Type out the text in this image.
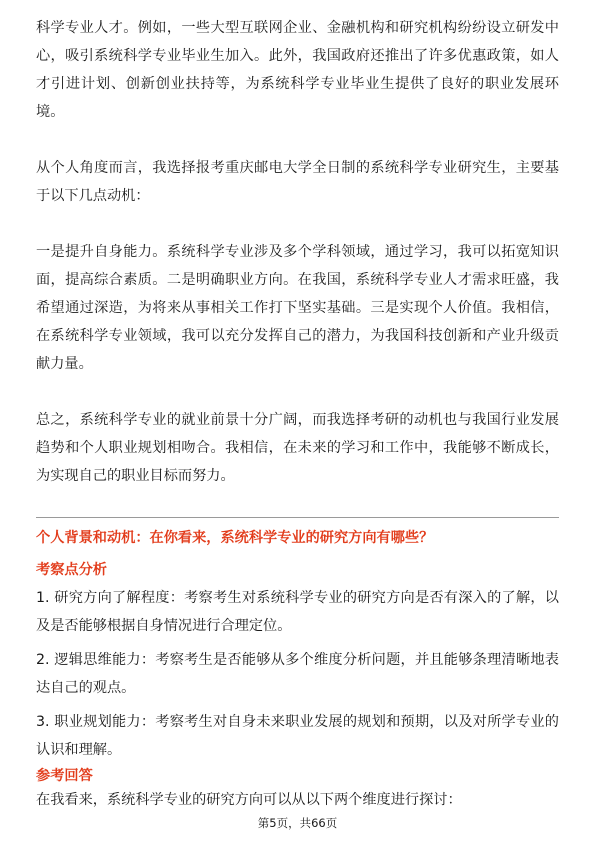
科学专业人才。例如，一些大型互联网企业、金融机构和研究机构纷纷设立研发中心，吸引系统科学专业毕业生加入。此外，我国政府还推出了许多优惠政策，如人才引进计划、创新创业扶持等，为系统科学专业毕业生提供了良好的职业发展环境。

从个人角度而言，我选择报考重庆邮电大学全日制的系统科学专业研究生，主要基于以下几点动机：

一是提升自身能力。系统科学专业涉及多个学科领域，通过学习，我可以拓宽知识面，提高综合素质。二是明确职业方向。在我国，系统科学专业人才需求旺盛，我希望通过深造，为将来从事相关工作打下坚实基础。三是实现个人价值。我相信，在系统科学专业领域，我可以充分发挥自己的潜力，为我国科技创新和产业升级贡献力量。

总之，系统科学专业的就业前景十分广阔，而我选择考研的动机也与我国行业发展趋势和个人职业规划相吻合。我相信，在未来的学习和工作中，我能够不断成长，为实现自己的职业目标而努力。

个人背景和动机：在你看来，系统科学专业的研究方向有哪些？
考察点分析

1. 研究方向了解程度：考察考生对系统科学专业的研究方向是否有深入的了解，以及是否能够根据自身情况进行合理定位。

2. 逻辑思维能力：考察考生是否能够从多个维度分析问题，并且能够条理清晰地表达自己的观点。

3. 职业规划能力：考察考生对自身未来职业发展的规划和预期，以及对所学专业的认识和理解。

参考回答
在我看来，系统科学专业的研究方向可以从以下两个维度进行探讨：
第5页，共66页
